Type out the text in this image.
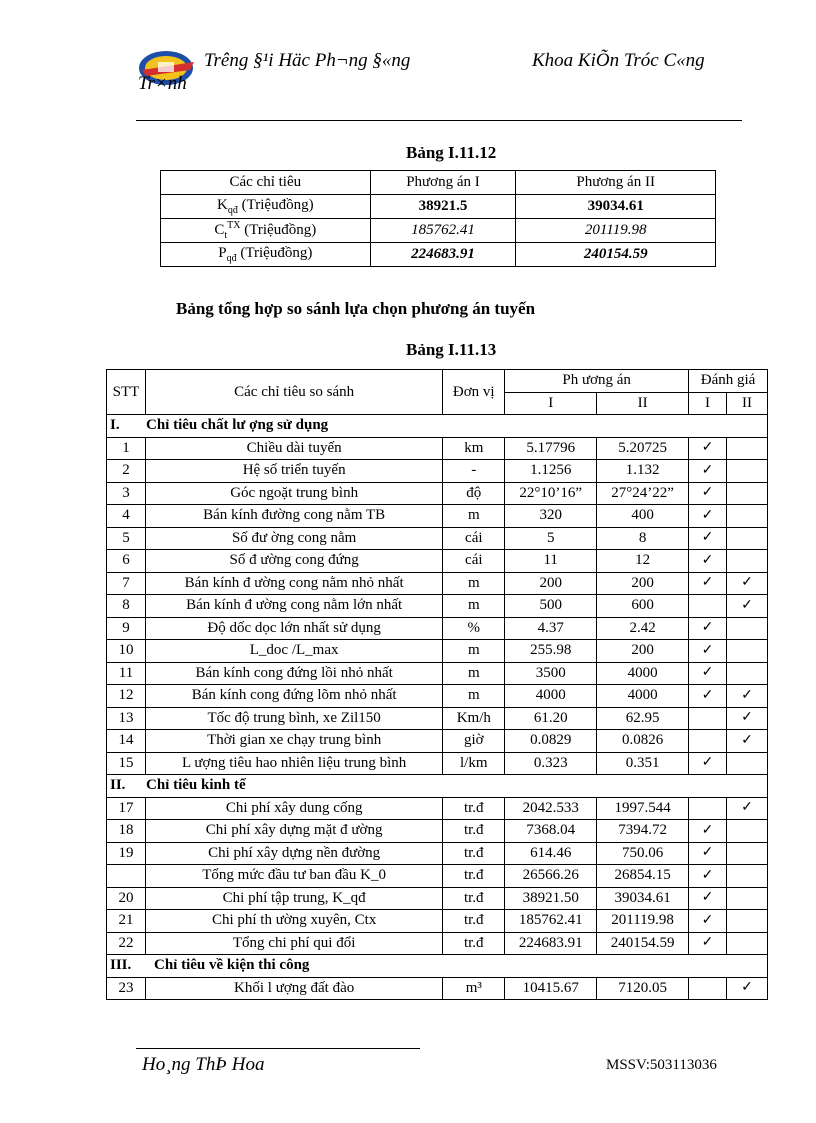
Trêng §¹i Häc Ph¬ng §«ng
Tr×nh
Khoa KiÕn Tróc C«ng
Bảng I.11.12
Các chỉ tiêu	Phương án I	Phương án II
$K_{qđ}$ (Triệuđồng)	38921.5	39034.61
$C_t^{TX}$ (Triệuđồng)	185762.41	201119.98
$P_{qđ}$ (Triệuđồng)	224683.91	240154.59
Bảng tổng hợp so sánh lựa chọn phương án tuyến
Bảng I.11.13
STT	Các chỉ tiêu so sánh	Đơn vị	Ph ương án		Đánh giá	
			I	II	I	II
I. Chỉ tiêu chất lư ợng sử dụng						
1	Chiều dài tuyến	km	5.17796	5.20725	✓	
2	Hệ số triển tuyến	-	1.1256	1.132	✓	
3	Góc ngoặt trung bình	độ	22°10’16”	27°24’22”	✓	
4	Bán kính đường cong nằm TB	m	320	400	✓	
5	Số đư ờng cong nằm	cái	5	8	✓	
6	Số đ ường cong đứng	cái	11	12	✓	
7	Bán kính đ ường cong nằm nhỏ nhất	m	200	200	✓	✓
8	Bán kính đ ường cong nằm lớn nhất	m	500	600		✓
9	Độ dốc dọc lớn nhất sử dụng	%	4.37	2.42	✓	
10	L_doc /L_max	m	255.98	200	✓	
11	Bán kính cong đứng lồi nhỏ nhất	m	3500	4000	✓	
12	Bán kính cong đứng lõm nhỏ nhất	m	4000	4000	✓	✓
13	Tốc độ trung bình, xe Zil150	Km/h	61.20	62.95		✓
14	Thời gian xe chạy trung bình	giờ	0.0829	0.0826		✓
15	L ượng tiêu hao nhiên liệu trung bình	l/km	0.323	0.351	✓	
II. Chỉ tiêu kinh tế						
17	Chi phí xây dung cống	tr.đ	2042.533	1997.544		✓
18	Chi phí xây dựng mặt đ ường	tr.đ	7368.04	7394.72	✓	
19	Chi phí xây dựng nền đường	tr.đ	614.46	750.06	✓	
	Tổng mức đầu tư ban đầu K_0	tr.đ	26566.26	26854.15	✓	
20	Chi phí tập trung, K_qđ	tr.đ	38921.50	39034.61	✓	
21	Chi phí th ường xuyên, Ctx	tr.đ	185762.41	201119.98	✓	
22	Tổng chi phí qui đổi	tr.đ	224683.91	240154.59	✓	
III. Chỉ tiêu về kiện thi công						
23	Khối l ượng đất đào	m³	10415.67	7120.05		✓
Ho¸ng ThÞ Hoa	MSSV:503113036
